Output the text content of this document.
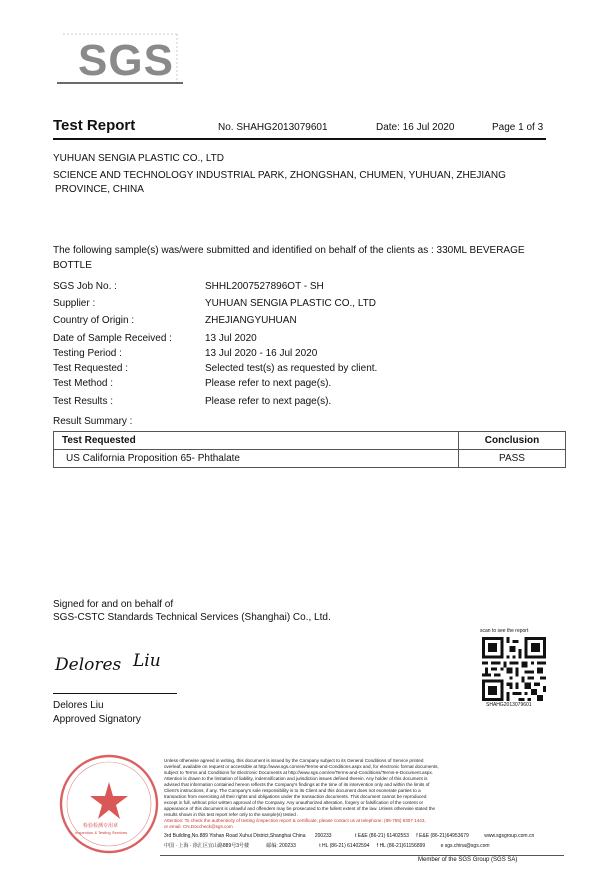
SGS
Test Report	No. SHAHG2013079601	Date: 16 Jul 2020	Page 1 of 3
YUHUAN SENGIA PLASTIC CO., LTD
SCIENCE AND TECHNOLOGY INDUSTRIAL PARK, ZHONGSHAN, CHUMEN, YUHUAN, ZHEJIANG
PROVINCE, CHINA
The following sample(s) was/were submitted and identified on behalf of the clients as : 330ML BEVERAGE
BOTTLE
SGS Job No. :	SHHL2007527896OT - SH
Supplier :	YUHUAN SENGIA PLASTIC CO., LTD
Country of Origin :	ZHEJIANGYUHUAN
Date of Sample Received :	13 Jul 2020
Testing Period :	13 Jul 2020 - 16 Jul 2020
Test Requested :	Selected test(s) as requested by client.
Test Method :	Please refer to next page(s).
Test Results :	Please refer to next page(s).
Result Summary :
Test Requested	Conclusion
US California Proposition 65- Phthalate	PASS
Signed for and on behalf of
SGS-CSTC Standards Technical Services (Shanghai) Co., Ltd.
Delores Liu
Delores Liu
Approved Signatory
scan to see the report
SHAHG2013079601
检验检测专用章
Inspection & Testing Services
Unless otherwise agreed in writing, this document is issued by the Company subject to its General Conditions of Service printed
overleaf, available on request or accessible at http://www.sgs.com/en/Terms-and-Conditions.aspx and, for electronic format documents,
subject to Terms and Conditions for Electronic Documents at http://www.sgs.com/en/Terms-and-Conditions/Terms-e-Document.aspx.
Attention is drawn to the limitation of liability, indemnification and jurisdiction issues defined therein. Any holder of this document is
advised that information contained hereon reflects the Company's findings at the time of its intervention only and within the limits of
Client's instructions, if any. The Company's sole responsibility is to its Client and this document does not exonerate parties to a
transaction from exercising all their rights and obligations under the transaction documents. This document cannot be reproduced
except in full, without prior written approval of the Company. Any unauthorized alteration, forgery or falsification of the content or
appearance of this document is unlawful and offenders may be prosecuted to the fullest extent of the law. Unless otherwise stated the
results shown in this test report refer only to the sample(s) tested .
Attention: To check the authenticity of testing /inspection report & certificate, please contact us at telephone: (86-755) 8307 1443,
or email: CN.Doccheck@sgs.com
3rd Building,No.889 Yishan Road Xuhui District,Shanghai China 200233	t E&E (86-21) 61402553 f E&E (86-21)64953679	www.sgsgroup.com.cn
中国 · 上海 · 徐汇区宜山路889号3号楼	邮编: 200233	t HL (86-21) 61402594 f HL (86-21)61156899	e sgs.china@sgs.com
Member of the SGS Group (SGS SA)
